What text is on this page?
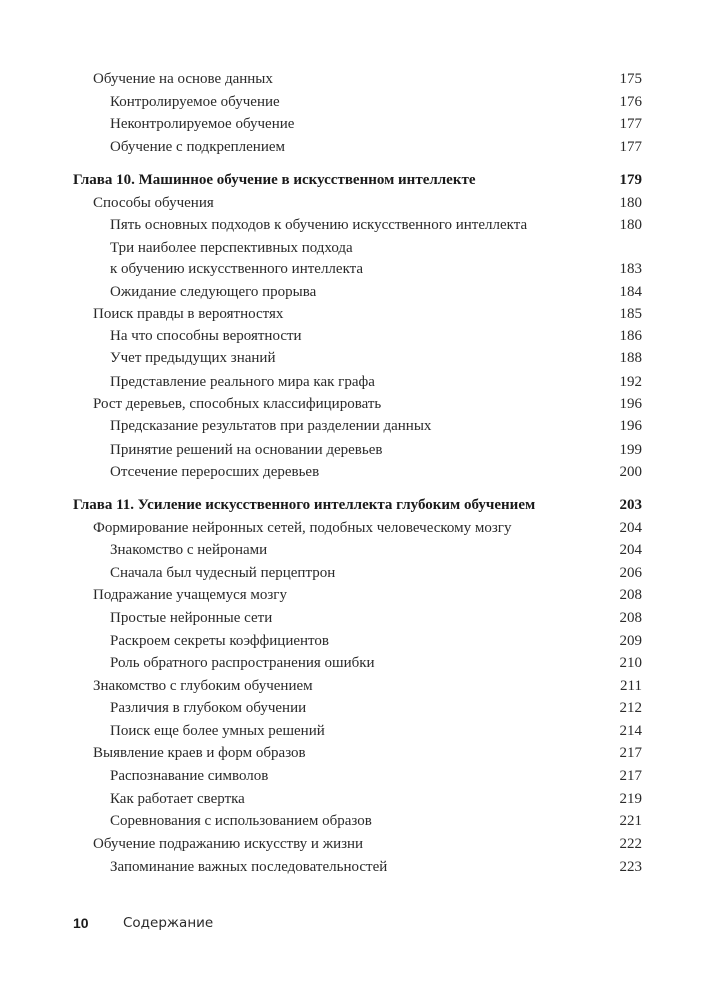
Обучение на основе данных	175
Контролируемое обучение	176
Неконтролируемое обучение	177
Обучение с подкреплением	177
Глава 10. Машинное обучение в искусственном интеллекте	179
Способы обучения	180
Пять основных подходов к обучению искусственного интеллекта	180
Три наиболее перспективных подхода
к обучению искусственного интеллекта	183
Ожидание следующего прорыва	184
Поиск правды в вероятностях	185
На что способны вероятности	186
Учет предыдущих знаний	188
Представление реального мира как графа	192
Рост деревьев, способных классифицировать	196
Предсказание результатов при разделении данных	196
Принятие решений на основании деревьев	199
Отсечение переросших деревьев	200
Глава 11. Усиление искусственного интеллекта глубоким обучением	203
Формирование нейронных сетей, подобных человеческому мозгу	204
Знакомство с нейронами	204
Сначала был чудесный перцептрон	206
Подражание учащемуся мозгу	208
Простые нейронные сети	208
Раскроем секреты коэффициентов	209
Роль обратного распространения ошибки	210
Знакомство с глубоким обучением	211
Различия в глубоком обучении	212
Поиск еще более умных решений	214
Выявление краев и форм образов	217
Распознавание символов	217
Как работает свертка	219
Соревнования с использованием образов	221
Обучение подражанию искусству и жизни	222
Запоминание важных последовательностей	223
10	Содержание
